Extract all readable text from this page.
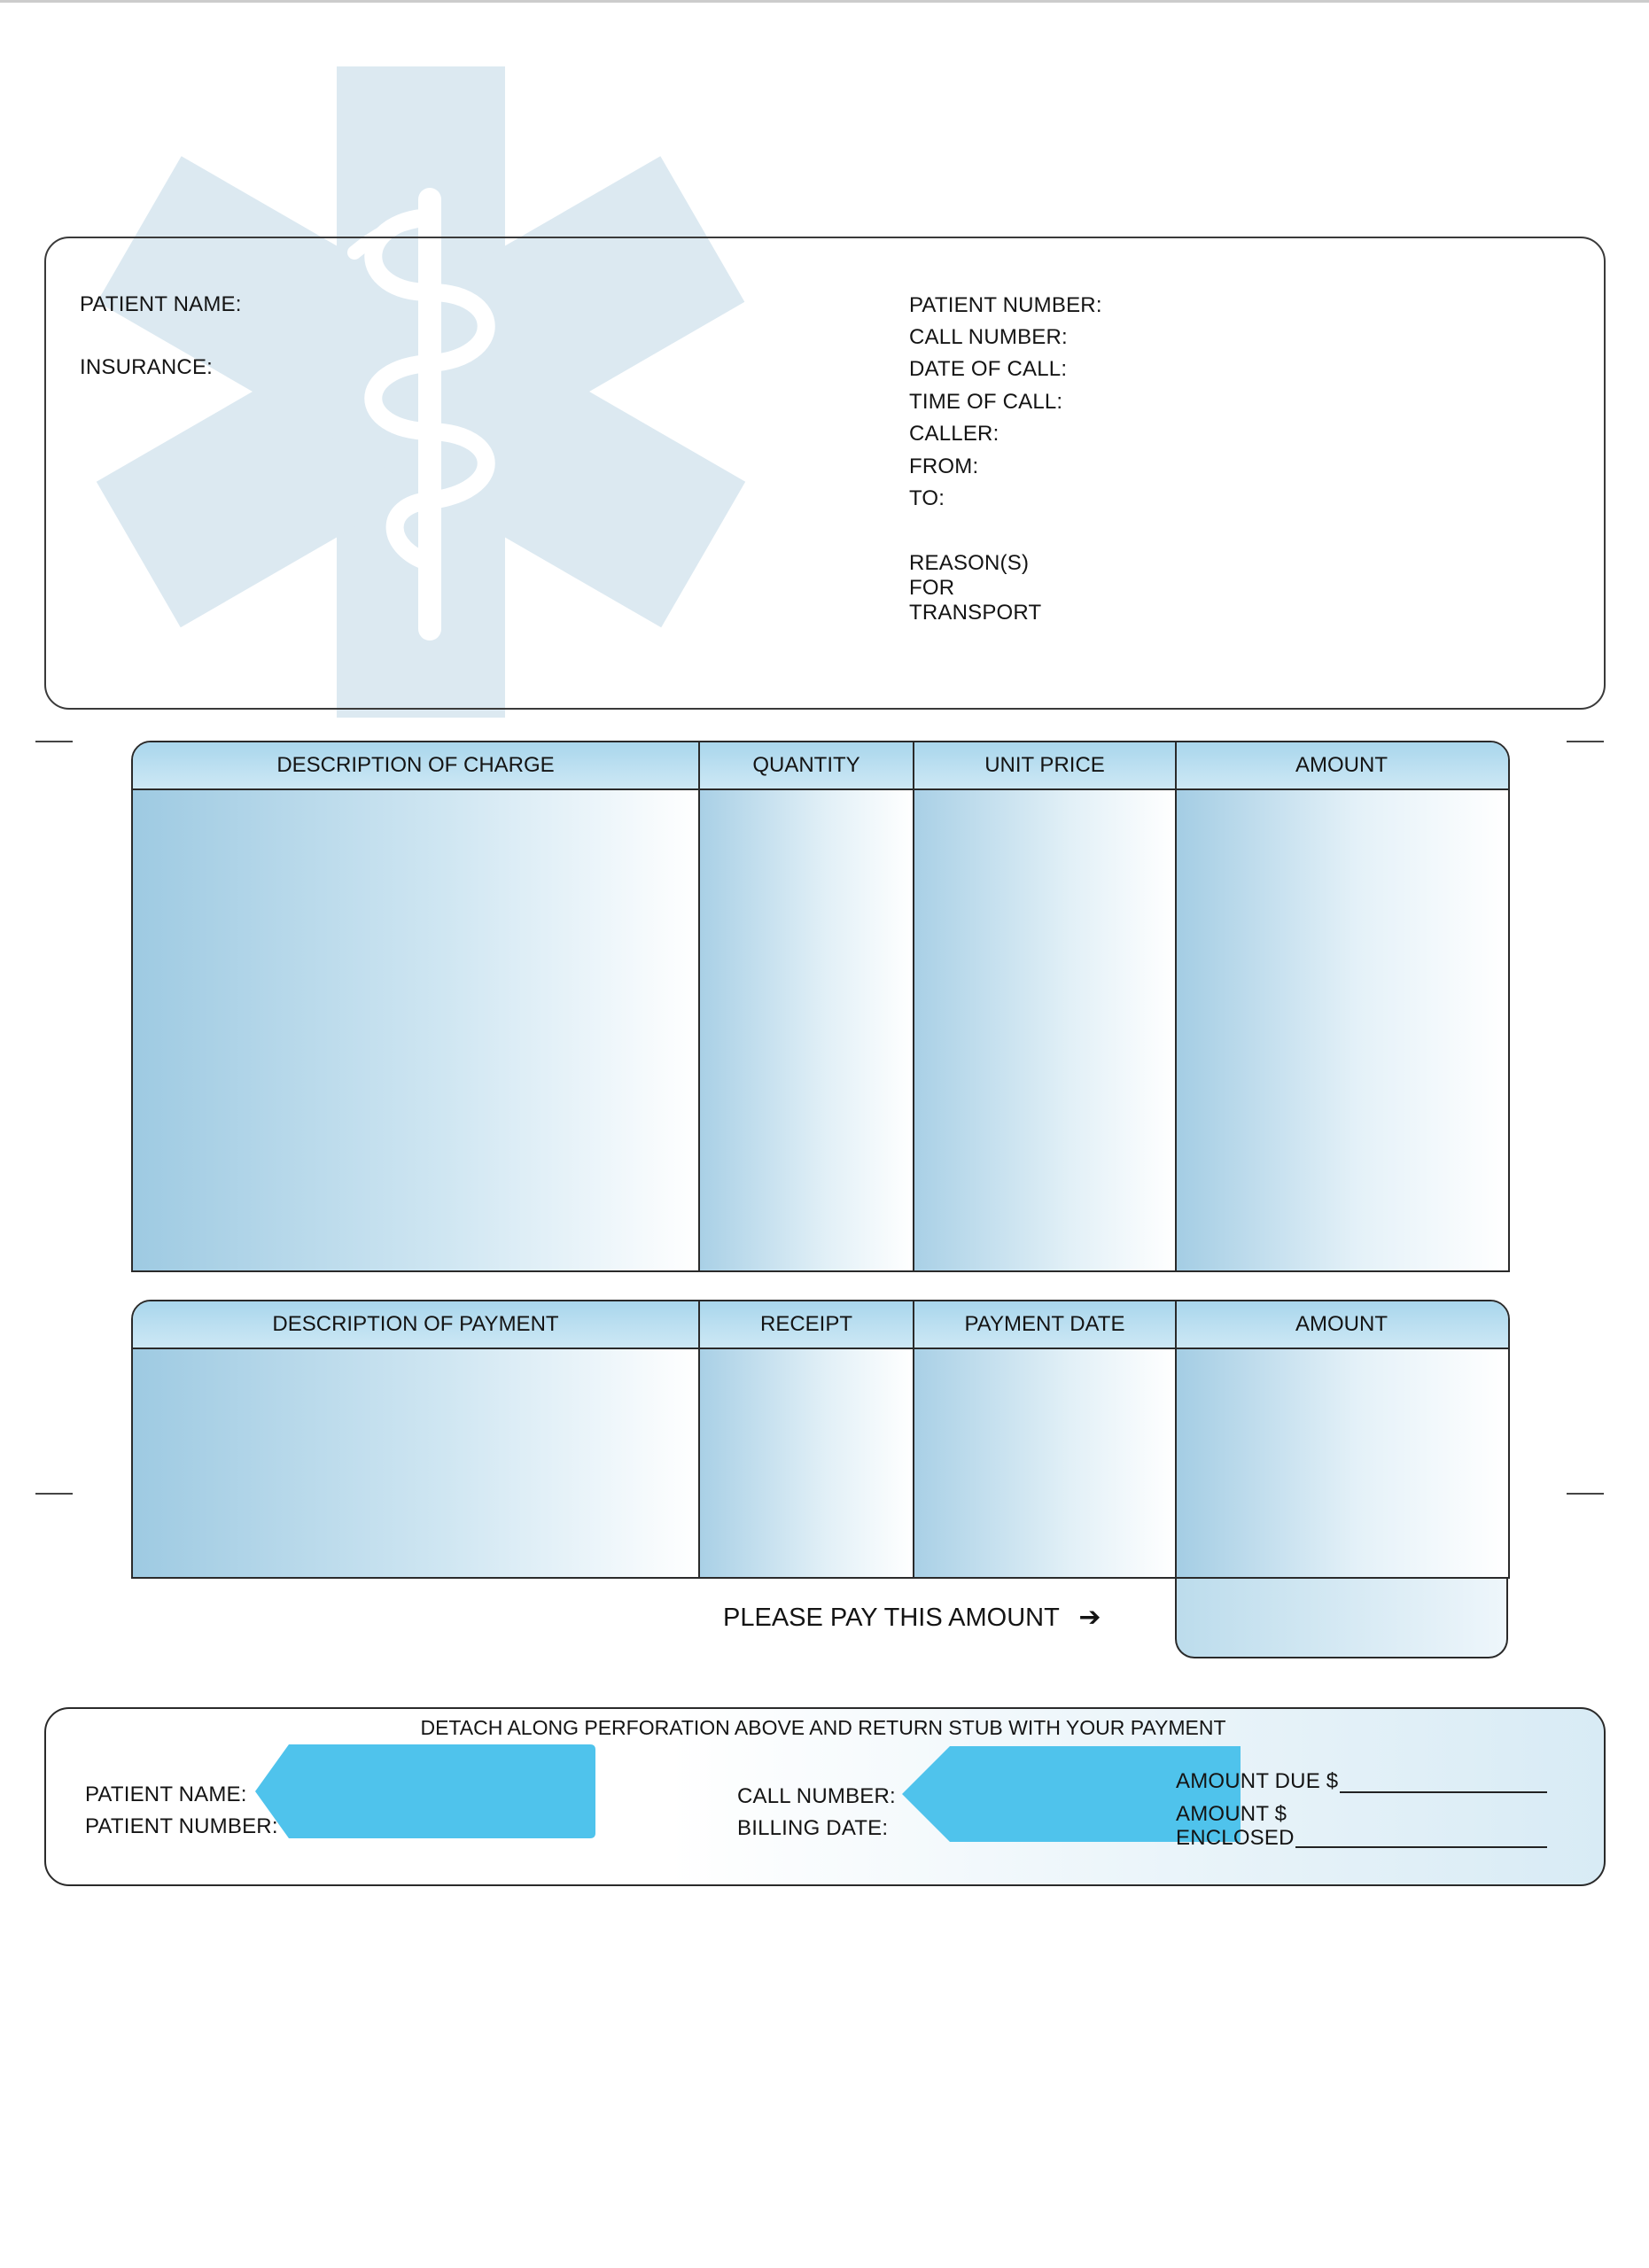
PATIENT NAME:
INSURANCE:
PATIENT NUMBER:
CALL NUMBER:
DATE OF CALL:
TIME OF CALL:
CALLER:
FROM:
TO:
REASON(S)
FOR
TRANSPORT
DESCRIPTION OF CHARGE	QUANTITY	UNIT PRICE	AMOUNT
DESCRIPTION OF PAYMENT	RECEIPT	PAYMENT DATE	AMOUNT
PLEASE PAY THIS AMOUNT ➔
DETACH ALONG PERFORATION ABOVE AND RETURN STUB WITH YOUR PAYMENT
PATIENT NAME:
PATIENT NUMBER:
CALL NUMBER:
BILLING DATE:
AMOUNT DUE $
AMOUNT $
ENCLOSED
